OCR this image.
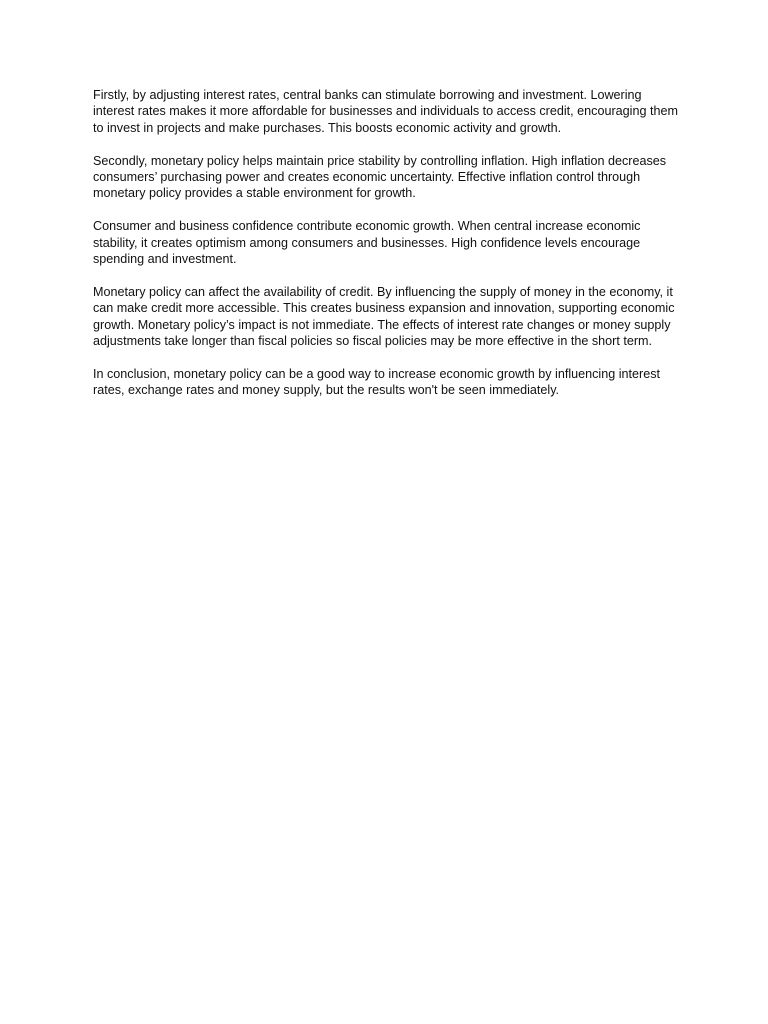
Firstly, by adjusting interest rates, central banks can stimulate borrowing and investment. Lowering interest rates makes it more affordable for businesses and individuals to access credit, encouraging them to invest in projects and make purchases. This boosts economic activity and growth.

Secondly, monetary policy helps maintain price stability by controlling inflation. High inflation decreases consumers’ purchasing power and creates economic uncertainty. Effective inflation control through monetary policy provides a stable environment for growth.

Consumer and business confidence contribute economic growth. When central increase economic stability, it creates optimism among consumers and businesses. High confidence levels encourage spending and investment.

Monetary policy can affect the availability of credit. By influencing the supply of money in the economy, it can make credit more accessible. This creates business expansion and innovation, supporting economic growth. Monetary policy’s impact is not immediate. The effects of interest rate changes or money supply adjustments take longer than fiscal policies so fiscal policies may be more effective in the short term.

In conclusion, monetary policy can be a good way to increase economic growth by influencing interest rates, exchange rates and money supply, but the results won't be seen immediately.
